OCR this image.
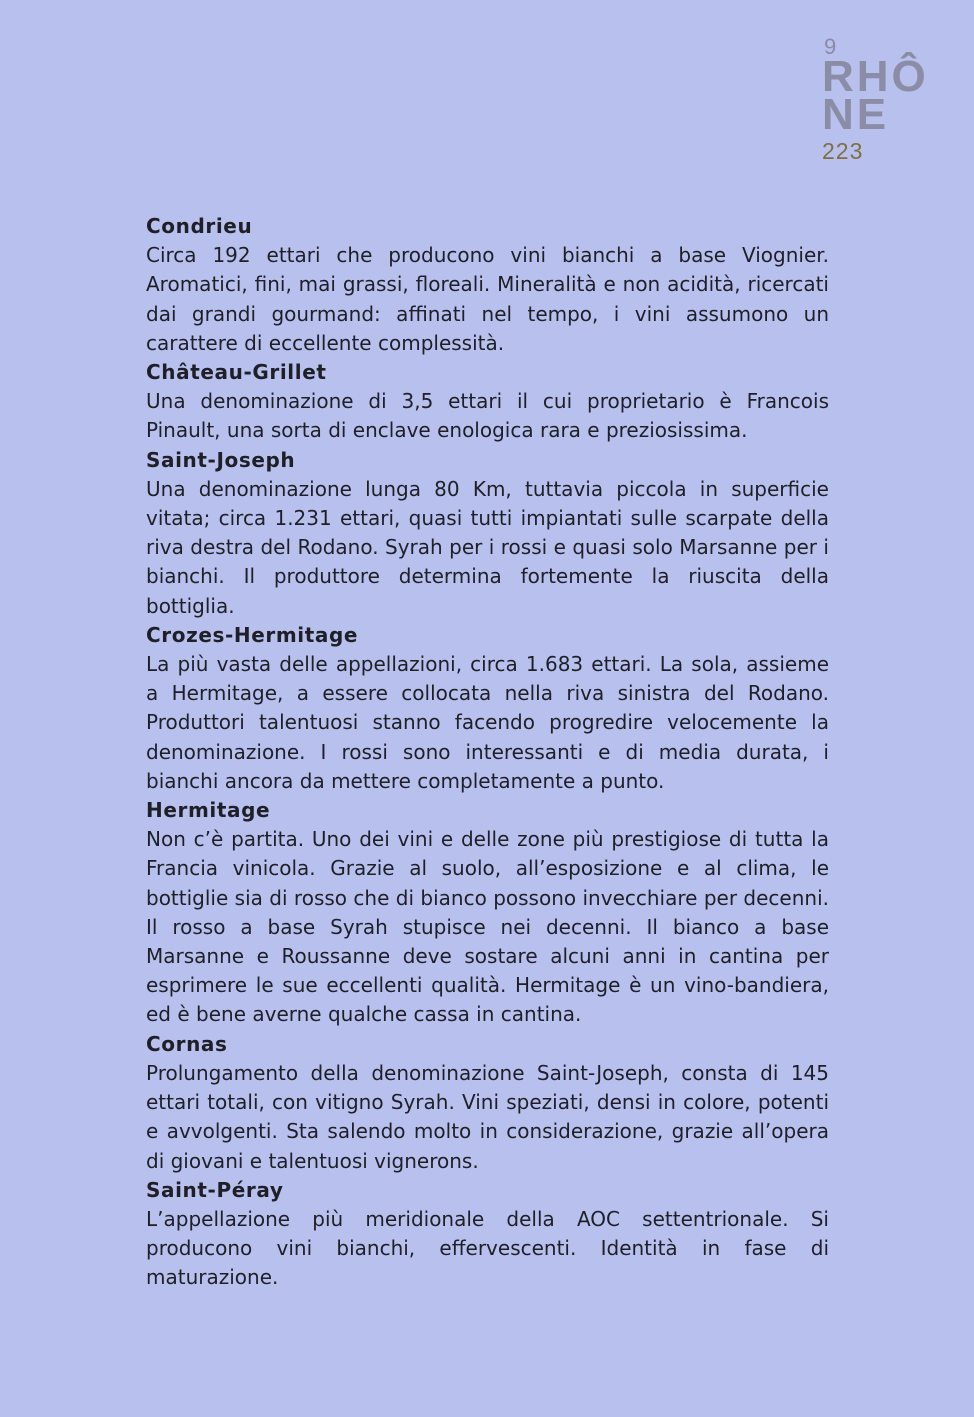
9
RHÔ
NE
223
Condrieu
Circa 192 ettari che producono vini bianchi a base Viognier. Aromatici, fini, mai grassi, floreali. Mineralità e non acidità, ricercati dai grandi gourmand: affinati nel tempo, i vini assumono un carattere di eccellente complessità.
Château-Grillet
Una denominazione di 3,5 ettari il cui proprietario è Francois Pinault, una sorta di enclave enologica rara e preziosissima.
Saint-Joseph
Una denominazione lunga 80 Km, tuttavia piccola in superficie vitata; circa 1.231 ettari, quasi tutti impiantati sulle scarpate della riva destra del Rodano. Syrah per i rossi e quasi solo Marsanne per i bianchi. Il produttore determina fortemente la riuscita della bottiglia.
Crozes-Hermitage
La più vasta delle appellazioni, circa 1.683 ettari. La sola, assieme a Hermitage, a essere collocata nella riva sinistra del Rodano. Produttori talentuosi stanno facendo progredire velocemente la denominazione. I rossi sono interessanti e di media durata, i bianchi ancora da mettere completamente a punto.
Hermitage
Non c’è partita. Uno dei vini e delle zone più prestigiose di tutta la Francia vinicola. Grazie al suolo, all’esposizione e al clima, le bottiglie sia di rosso che di bianco possono invecchiare per decenni. Il rosso a base Syrah stupisce nei decenni. Il bianco a base Marsanne e Roussanne deve sostare alcuni anni in cantina per esprimere le sue eccellenti qualità. Hermitage è un vino-bandiera, ed è bene averne qualche cassa in cantina.
Cornas
Prolungamento della denominazione Saint-Joseph, consta di 145 ettari totali, con vitigno Syrah. Vini speziati, densi in colore, potenti e avvolgenti. Sta salendo molto in considerazione, grazie all’opera di giovani e talentuosi vignerons.
Saint-Péray
L’appellazione più meridionale della AOC settentrionale. Si producono vini bianchi, effervescenti. Identità in fase di maturazione.
